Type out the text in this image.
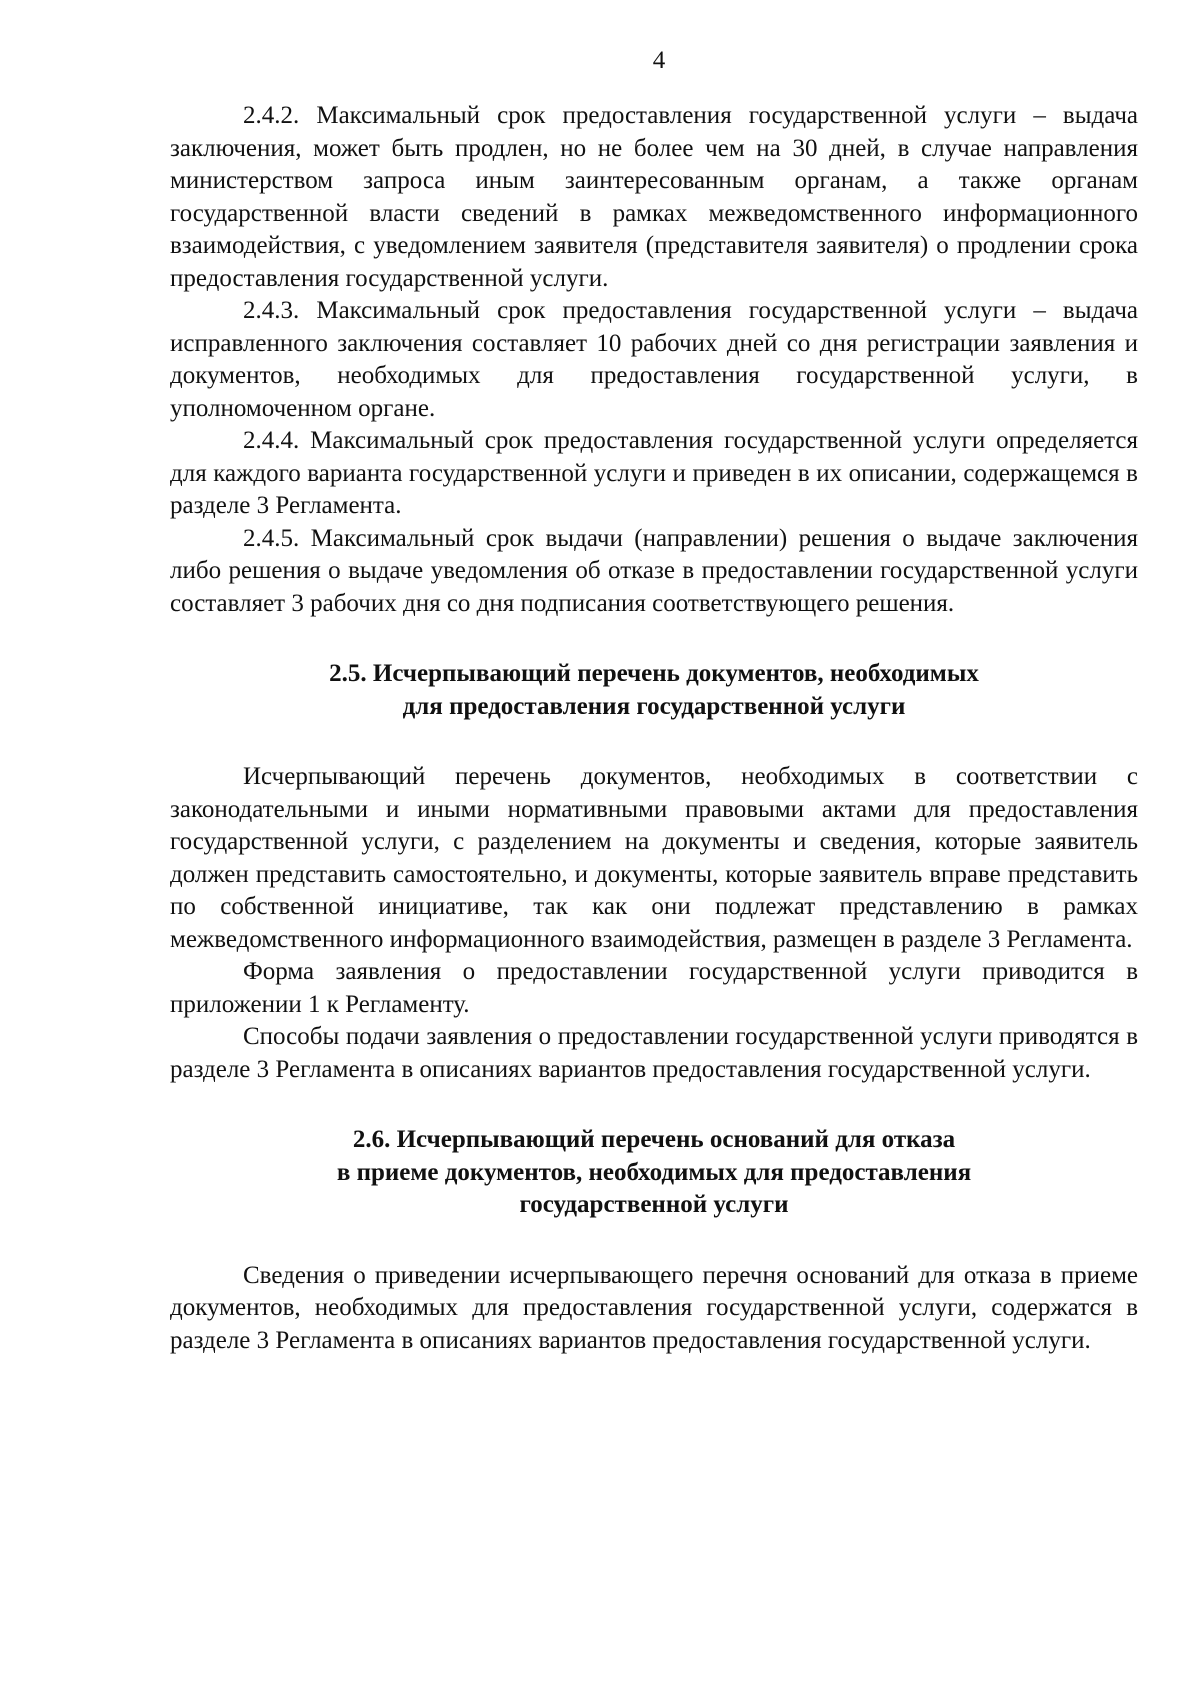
4

2.4.2. Максимальный срок предоставления государственной услуги – выдача заключения, может быть продлен, но не более чем на 30 дней, в случае направления министерством запроса иным заинтересованным органам, а также органам государственной власти сведений в рамках межведомственного информационного взаимодействия, с уведомлением заявителя (представителя заявителя) о продлении срока предоставления государственной услуги.

2.4.3. Максимальный срок предоставления государственной услуги – выдача исправленного заключения составляет 10 рабочих дней со дня регистрации заявления и документов, необходимых для предоставления государственной услуги, в уполномоченном органе.

2.4.4. Максимальный срок предоставления государственной услуги определяется для каждого варианта государственной услуги и приведен в их описании, содержащемся в разделе 3 Регламента.

2.4.5. Максимальный срок выдачи (направлении) решения о выдаче заключения либо решения о выдаче уведомления об отказе в предоставлении государственной услуги составляет 3 рабочих дня со дня подписания соответствующего решения.

2.5. Исчерпывающий перечень документов, необходимых

для предоставления государственной услуги

Исчерпывающий перечень документов, необходимых в соответствии с законодательными и иными нормативными правовыми актами для предоставления государственной услуги, с разделением на документы и сведения, которые заявитель должен представить самостоятельно, и документы, которые заявитель вправе представить по собственной инициативе, так как они подлежат представлению в рамках межведомственного информационного взаимодействия, размещен в разделе 3 Регламента.

Форма заявления о предоставлении государственной услуги приводится в приложении 1 к Регламенту.

Способы подачи заявления о предоставлении государственной услуги приводятся в разделе 3 Регламента в описаниях вариантов предоставления государственной услуги.

2.6. Исчерпывающий перечень оснований для отказа

в приеме документов, необходимых для предоставления

государственной услуги

Сведения о приведении исчерпывающего перечня оснований для отказа в приеме документов, необходимых для предоставления государственной услуги, содержатся в разделе 3 Регламента в описаниях вариантов предоставления государственной услуги.
